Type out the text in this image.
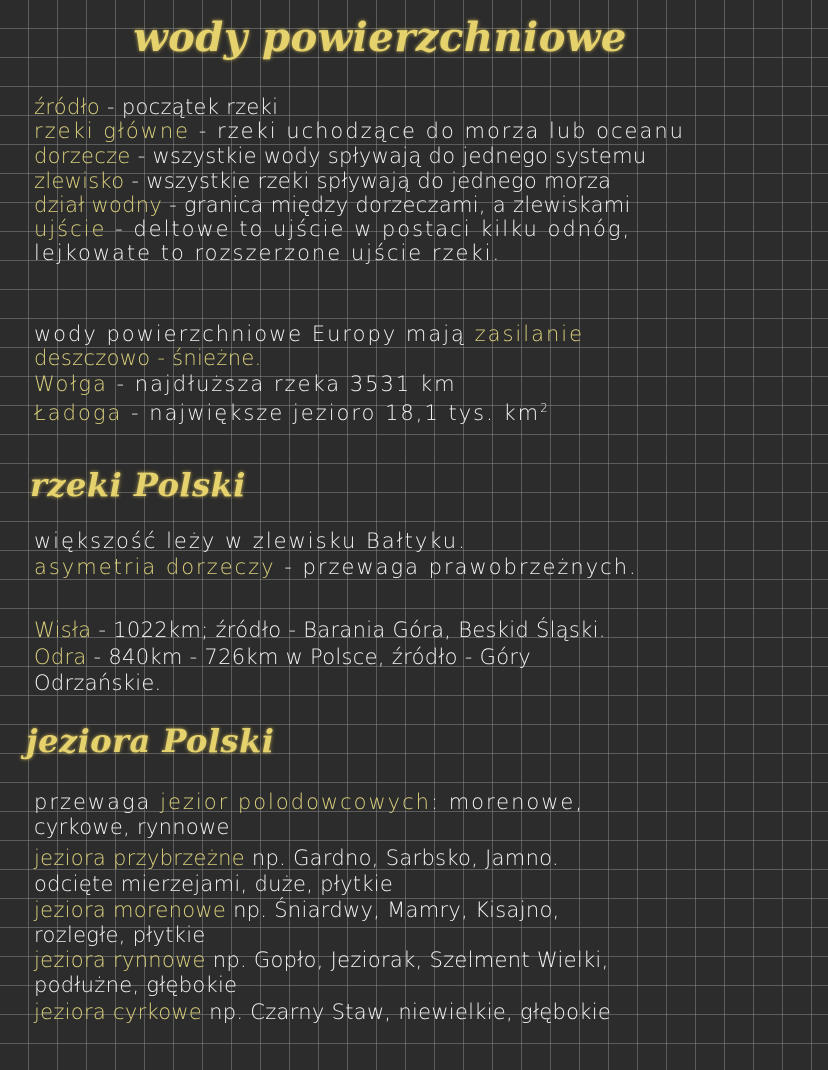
wody powierzchniowe
źródło - początek rzeki
rzeki główne - rzeki uchodzące do morza lub oceanu
dorzecze - wszystkie wody spływają do jednego systemu
zlewisko - wszystkie rzeki spływają do jednego morza
dział wodny - granica między dorzeczami, a zlewiskami
ujście - deltowe to ujście w postaci kilku odnóg,
lejkowate to rozszerzone ujście rzeki.
wody powierzchniowe Europy mają zasilanie
deszczowo - śnieżne.
Wołga - najdłuższa rzeka 3531 km
Ładoga - największe jezioro 18,1 tys. $km^2$
rzeki Polski
większość leży w zlewisku Bałtyku.
asymetria dorzeczy - przewaga prawobrzeżnych.
Wisła - 1022km; źródło - Barania Góra, Beskid Śląski.
Odra - 840km - 726km w Polsce, źródło - Góry
Odrzańskie.
jeziora Polski
przewaga jezior polodowcowych: morenowe,
cyrkowe, rynnowe
jeziora przybrzeżne np. Gardno, Sarbsko, Jamno.
odcięte mierzejami, duże, płytkie
jeziora morenowe np. Śniardwy, Mamry, Kisajno,
rozległe, płytkie
jeziora rynnowe np. Gopło, Jeziorak, Szelment Wielki,
podłużne, głębokie
jeziora cyrkowe np. Czarny Staw, niewielkie, głębokie
